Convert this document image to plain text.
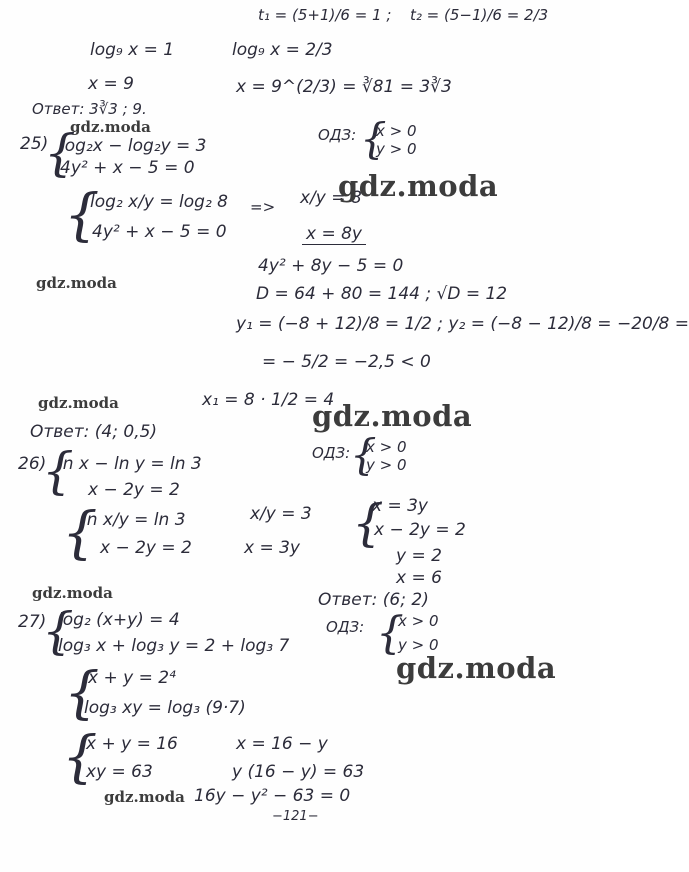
t₁ = (5+1)/6 = 1 ; t₂ = (5−1)/6 = 2/3
log₉ x = 1	log₉ x = 2/3
x = 9	x = 9^(2/3) = ∛81 = 3∛3
Ответ: 3∛3 ; 9.
gdz.moda
25)
{
log₂x − log₂y = 3
4y² + x − 5 = 0
ОДЗ: {
x > 0
y > 0
{
log₂ x/y = log₂ 8 => x/y = 8
4y² + x − 5 = 0	x = 8y
gdz.moda
4y² + 8y − 5 = 0
gdz.moda
D = 64 + 80 = 144 ; √D = 12
y₁ = (−8 + 12)/8 = 1/2 ; y₂ = (−8 − 12)/8 = −20/8 =
= − 5/2 = −2,5 < 0
gdz.moda	x₁ = 8 · 1/2 = 4
gdz.moda
Ответ: (4; 0,5)
ОДЗ: {
x > 0
y > 0
26)
{
ln x − ln y = ln 3
x − 2y = 2
{
ln x/y = ln 3
x − 2y = 2
x/y = 3
x = 3y {
x = 3y
x − 2y = 2
y = 2
x = 6
gdz.moda	Ответ: (6; 2)
27)
{
log₂ (x+y) = 4
log₃ x + log₃ y = 2 + log₃ 7
ОДЗ: {
x > 0
y > 0
gdz.moda
{
x + y = 2⁴
log₃ xy = log₃ (9·7)
{
x + y = 16
xy = 63
x = 16 − y
y (16 − y) = 63
gdz.moda 16y − y² − 63 = 0
−121−
